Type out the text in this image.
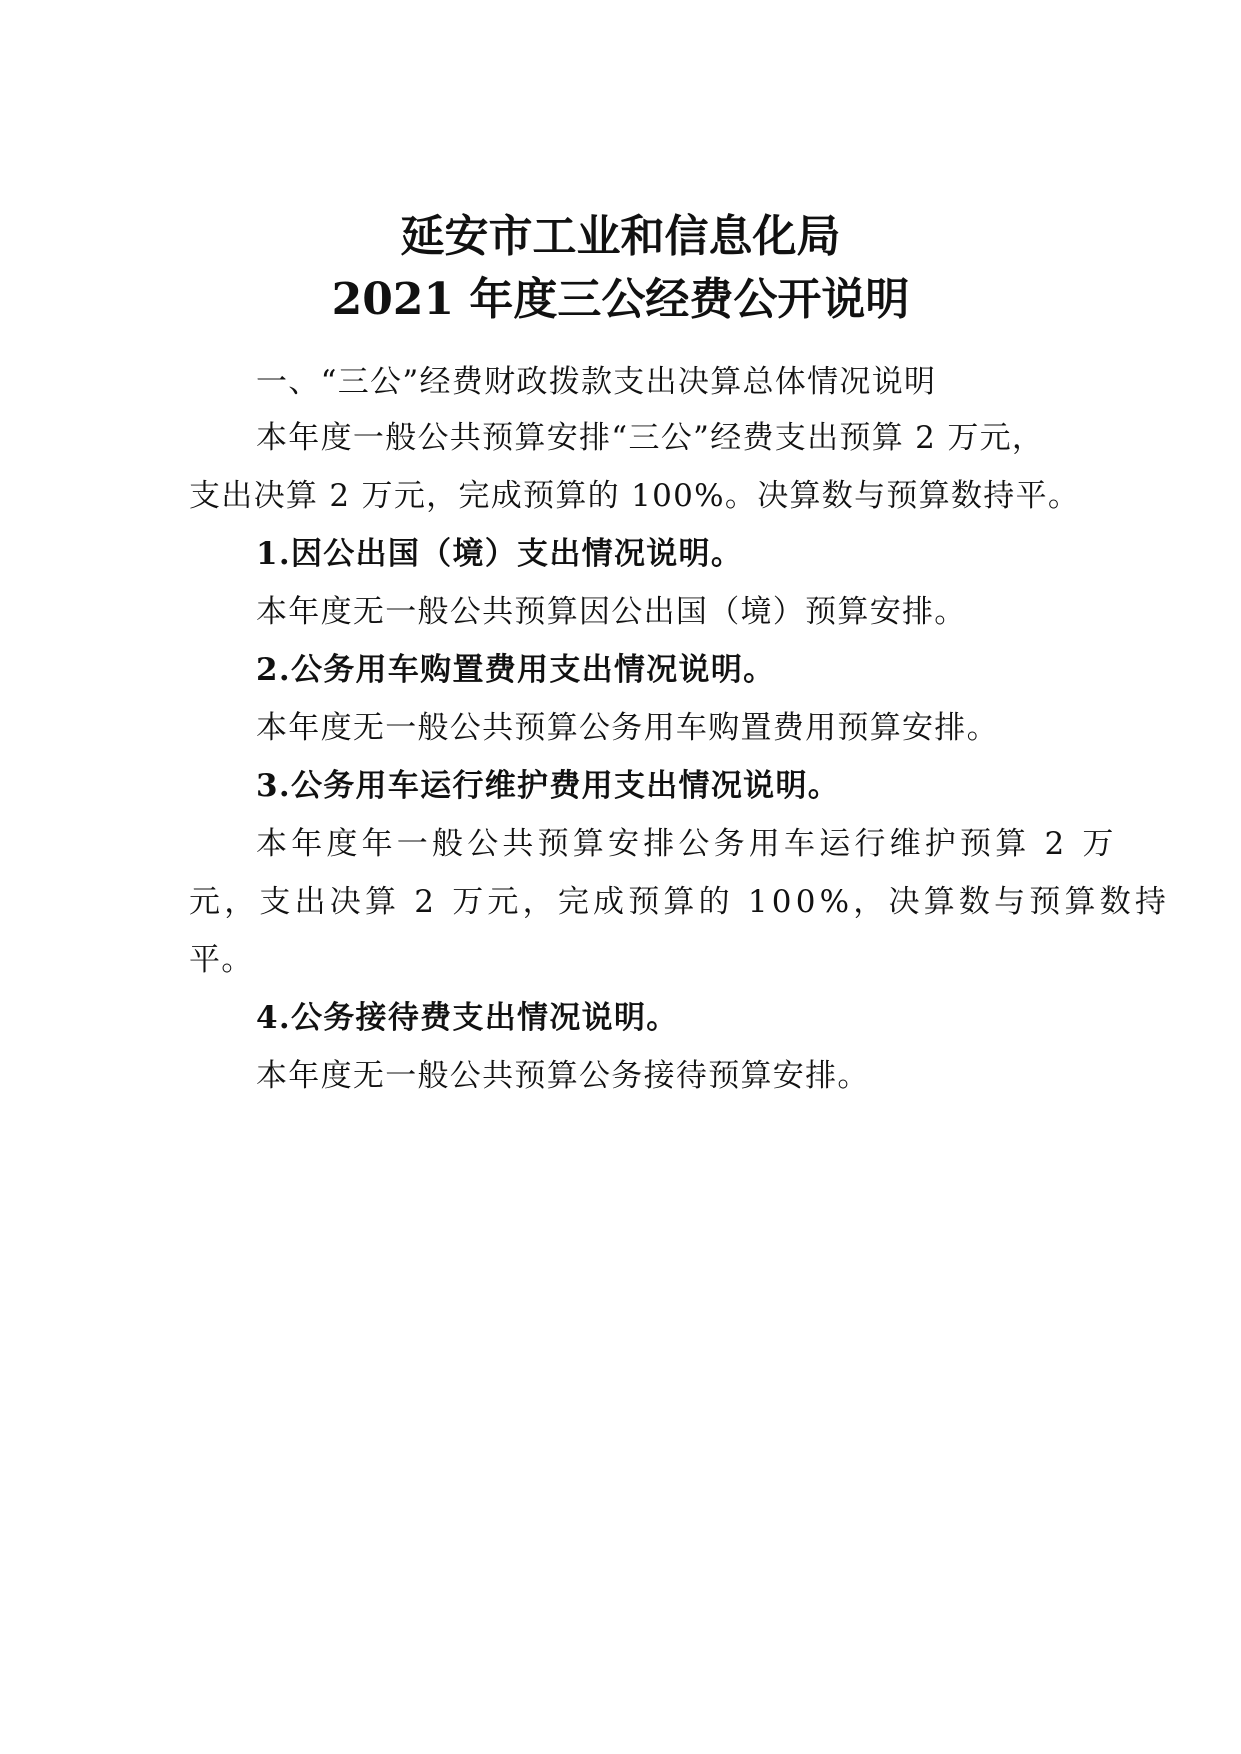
延安市工业和信息化局
2021 年度三公经费公开说明

一、“三公”经费财政拨款支出决算总体情况说明

本年度一般公共预算安排“三公”经费支出预算 2 万元，

支出决算 2 万元，完成预算的 100%。决算数与预算数持平。

1.因公出国（境）支出情况说明。

本年度无一般公共预算因公出国（境）预算安排。

2.公务用车购置费用支出情况说明。

本年度无一般公共预算公务用车购置费用预算安排。

3.公务用车运行维护费用支出情况说明。

本年度年一般公共预算安排公务用车运行维护预算 2 万

元，支出决算 2 万元，完成预算的 100%，决算数与预算数持

平。

4.公务接待费支出情况说明。

本年度无一般公共预算公务接待预算安排。
